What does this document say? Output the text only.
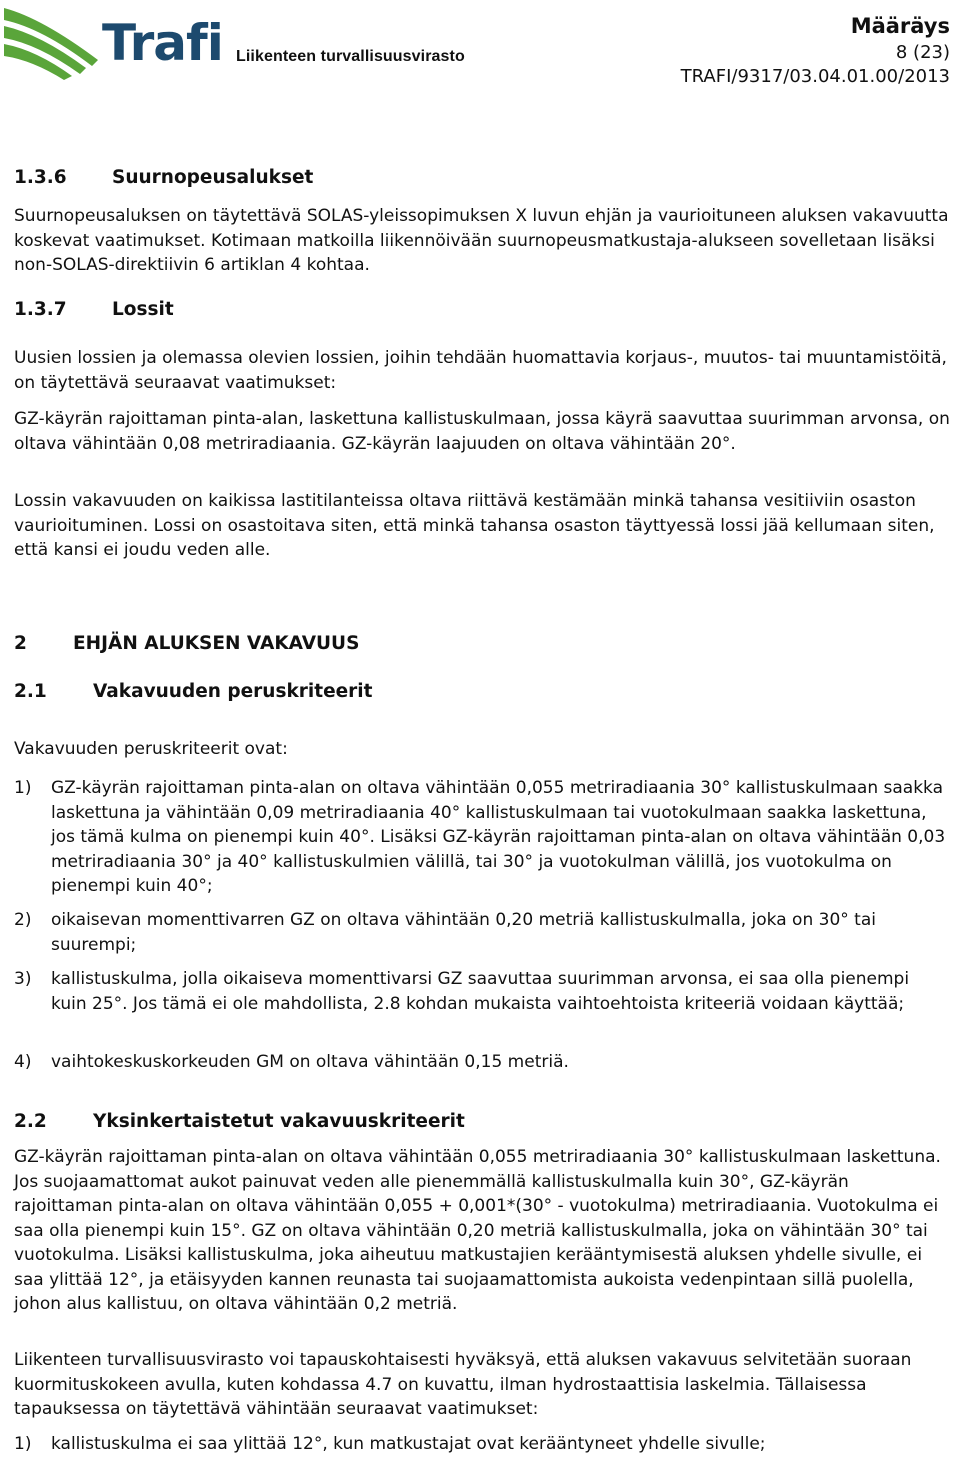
Trafi Liikenteen turvallisuusvirasto
Määräys
8 (23)
TRAFI/9317/03.04.01.00/2013
1.3.6	Suurnopeusalukset

Suurnopeusaluksen on täytettävä SOLAS-yleissopimuksen X luvun ehjän ja vaurioituneen aluksen vakavuutta koskevat vaatimukset. Kotimaan matkoilla liikennöivään suurnopeusmatkustaja-alukseen sovelletaan lisäksi non-SOLAS-direktiivin 6 artiklan 4 kohtaa.

1.3.7	Lossit

Uusien lossien ja olemassa olevien lossien, joihin tehdään huomattavia korjaus-, muutos- tai muuntamistöitä, on täytettävä seuraavat vaatimukset:

GZ-käyrän rajoittaman pinta-alan, laskettuna kallistuskulmaan, jossa käyrä saavuttaa suurimman arvonsa, on oltava vähintään 0,08 metriradiaania. GZ-käyrän laajuuden on oltava vähintään 20°.

Lossin vakavuuden on kaikissa lastitilanteissa oltava riittävä kestämään minkä tahansa vesitiiviin osaston vaurioituminen. Lossi on osastoitava siten, että minkä tahansa osaston täyttyessä lossi jää kellumaan siten, että kansi ei joudu veden alle.

2	EHJÄN ALUKSEN VAKAVUUS
2.1	Vakavuuden peruskriteerit

Vakavuuden peruskriteerit ovat:

1)	GZ-käyrän rajoittaman pinta-alan on oltava vähintään 0,055 metriradiaania 30° kallistuskulmaan saakka laskettuna ja vähintään 0,09 metriradiaania 40° kallistuskulmaan tai vuotokulmaan saakka laskettuna, jos tämä kulma on pienempi kuin 40°. Lisäksi GZ-käyrän rajoittaman pinta-alan on oltava vähintään 0,03 metriradiaania 30° ja 40° kallistuskulmien välillä, tai 30° ja vuotokulman välillä, jos vuotokulma on pienempi kuin 40°;
2)	oikaisevan momenttivarren GZ on oltava vähintään 0,20 metriä kallistuskulmalla, joka on 30° tai suurempi;
3)	kallistuskulma, jolla oikaiseva momenttivarsi GZ saavuttaa suurimman arvonsa, ei saa olla pienempi kuin 25°. Jos tämä ei ole mahdollista, 2.8 kohdan mukaista vaihtoehtoista kriteeriä voidaan käyttää;
4)	vaihtokeskuskorkeuden GM on oltava vähintään 0,15 metriä.
2.2	Yksinkertaistetut vakavuuskriteerit

GZ-käyrän rajoittaman pinta-alan on oltava vähintään 0,055 metriradiaania 30° kallistuskulmaan laskettuna. Jos suojaamattomat aukot painuvat veden alle pienemmällä kallistuskulmalla kuin 30°, GZ-käyrän rajoittaman pinta-alan on oltava vähintään 0,055 + 0,001*(30° - vuotokulma) metriradiaania. Vuotokulma ei saa olla pienempi kuin 15°. GZ on oltava vähintään 0,20 metriä kallistuskulmalla, joka on vähintään 30° tai vuotokulma. Lisäksi kallistuskulma, joka aiheutuu matkustajien kerääntymisestä aluksen yhdelle sivulle, ei saa ylittää 12°, ja etäisyyden kannen reunasta tai suojaamattomista aukoista vedenpintaan sillä puolella, johon alus kallistuu, on oltava vähintään 0,2 metriä.

Liikenteen turvallisuusvirasto voi tapauskohtaisesti hyväksyä, että aluksen vakavuus selvitetään suoraan kuormituskokeen avulla, kuten kohdassa 4.7 on kuvattu, ilman hydrostaattisia laskelmia. Tällaisessa tapauksessa on täytettävä vähintään seuraavat vaatimukset:

1)	kallistuskulma ei saa ylittää 12°, kun matkustajat ovat kerääntyneet yhdelle sivulle;
